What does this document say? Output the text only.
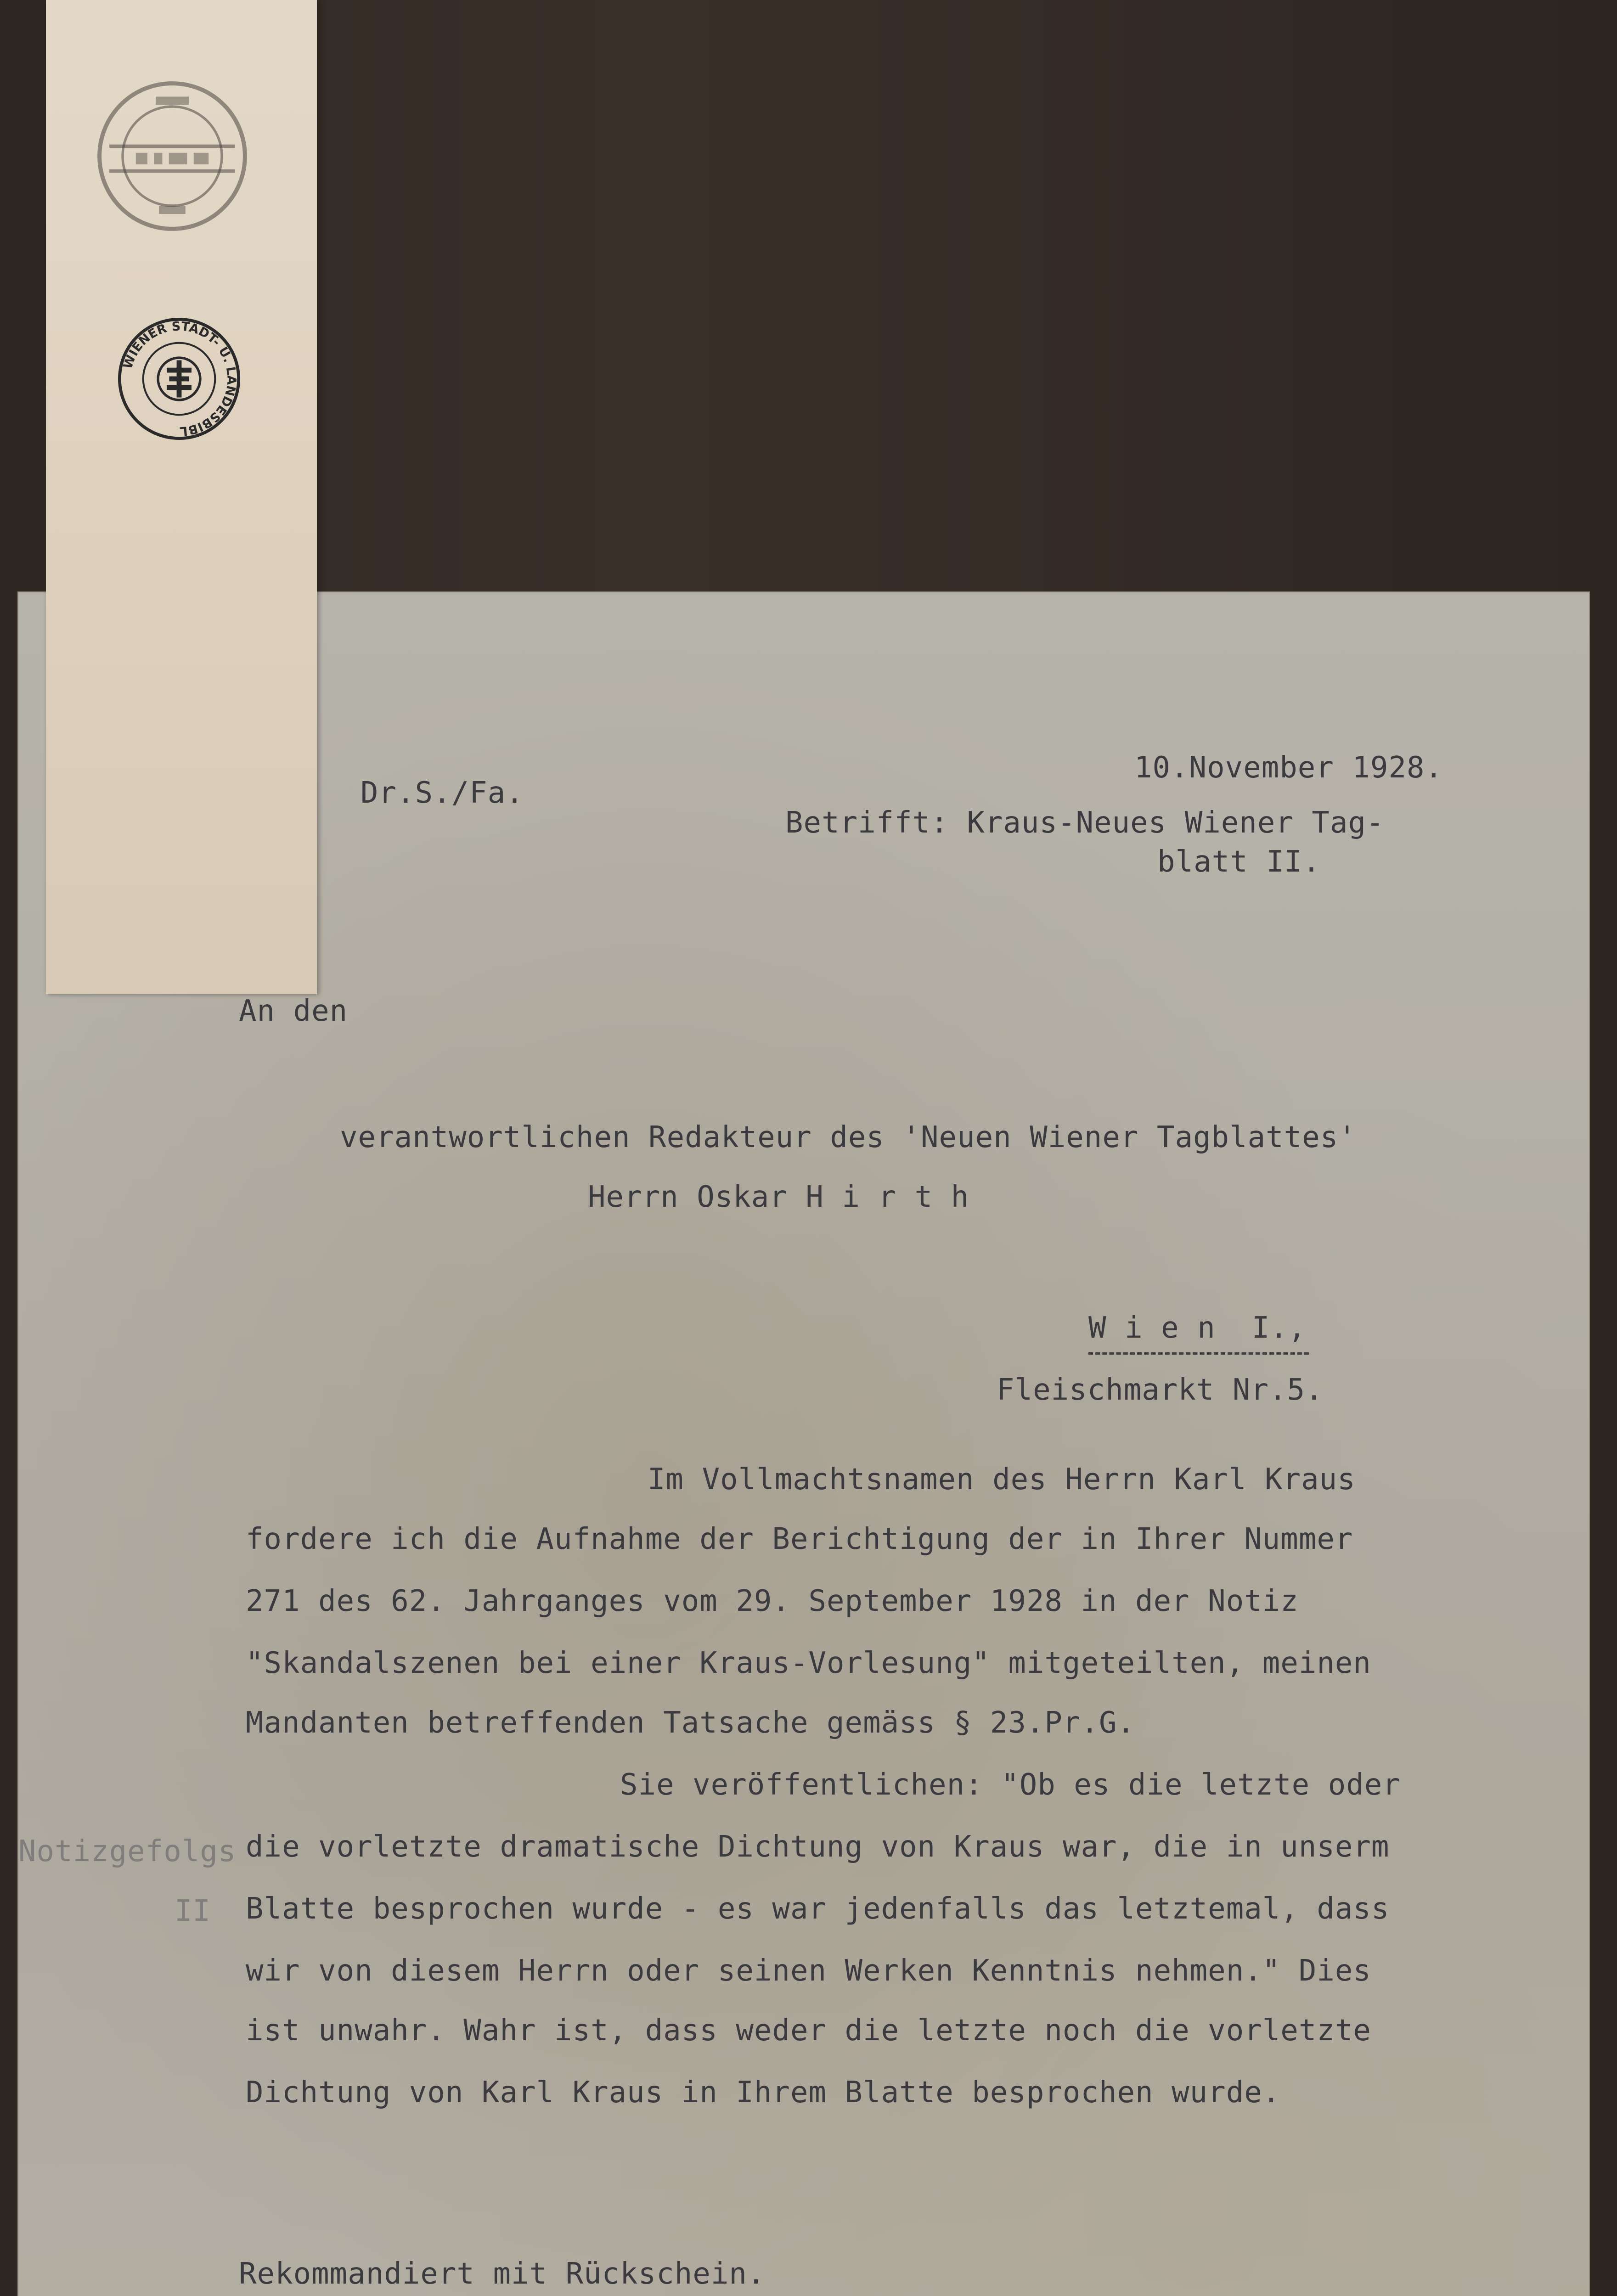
10.November 1928.

Dr.S./Fa.

Betrifft: Kraus-Neues Wiener Tag-

blatt II.

An den

verantwortlichen Redakteur des 'Neuen Wiener Tagblattes'

Herrn Oskar H i r t h

W i e n  I.,

Fleischmarkt Nr.5.

Im Vollmachtsnamen des Herrn Karl Kraus

fordere ich die Aufnahme der Berichtigung der in Ihrer Nummer

271 des 62. Jahrganges vom 29. September 1928 in der Notiz

"Skandalszenen bei einer Kraus-Vorlesung" mitgeteilten, meinen

Mandanten betreffenden Tatsache gemäss § 23.Pr.G.

Sie veröffentlichen: "Ob es die letzte oder

die vorletzte dramatische Dichtung von Kraus war, die in unserm

Blatte besprochen wurde - es war jedenfalls das letztemal, dass

wir von diesem Herrn oder seinen Werken Kenntnis nehmen." Dies

ist unwahr. Wahr ist, dass weder die letzte noch die vorletzte

Dichtung von Karl Kraus in Ihrem Blatte besprochen wurde.

Notizgefolgs

II

Rekommandiert mit Rückschein.

WIENER STADT- U. LANDESBIBL
